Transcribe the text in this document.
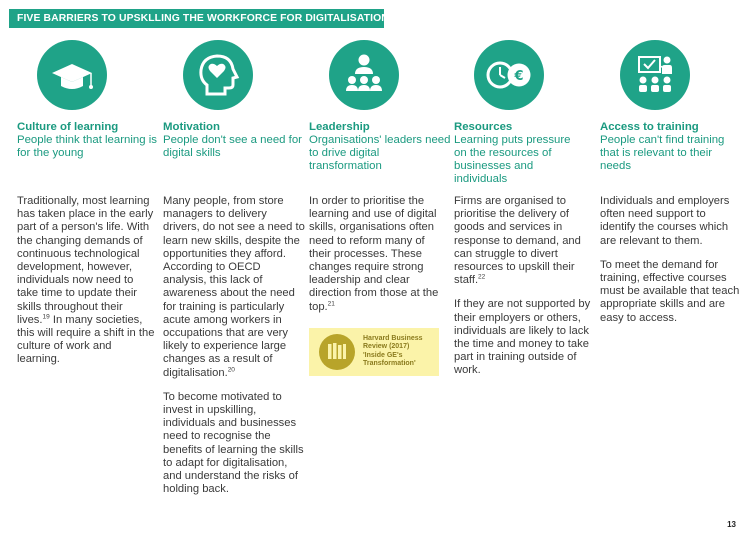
FIVE BARRIERS TO UPSKLLING THE WORKFORCE FOR DIGITALISATION
Culture of learning
People think that learning is for the young

Traditionally, most learning has taken place in the early part of a person's life. With the changing demands of continuous technological development, however, individuals now need to take time to update their skills throughout their lives.$^{19}$ In many societies, this will require a shift in the culture of work and learning.

Motivation
People don't see a need for digital skills

Many people, from store managers to delivery drivers, do not see a need to learn new skills, despite the opportunities they afford. According to OECD analysis, this lack of awareness about the need for training is particularly acute among workers in occupations that are very likely to experience large changes as a result of digitalisation.$^{20}$

To become motivated to invest in upskilling, individuals and businesses need to recognise the benefits of learning the skills to adapt for digitalisation, and understand the risks of holding back.

Leadership
Organisations' leaders need to drive digital transformation

In order to prioritise the learning and use of digital skills, organisations often need to reform many of their processes. These changes require strong leadership and clear direction from those at the top.$^{21}$

Harvard Business
Review (2017)
'Inside GE's
Transformation'
€
Resources
Learning puts pressure on the resources of businesses and individuals

Firms are organised to prioritise the delivery of goods and services in response to demand, and can struggle to divert resources to upskill their staff.$^{22}$

If they are not supported by their employers or others, individuals are likely to lack the time and money to take part in training outside of work.

Access to training
People can't find training that is relevant to their needs

Individuals and employers often need support to identify the courses which are relevant to them.

To meet the demand for training, effective courses must be available that teach appropriate skills and are easy to access.

13
